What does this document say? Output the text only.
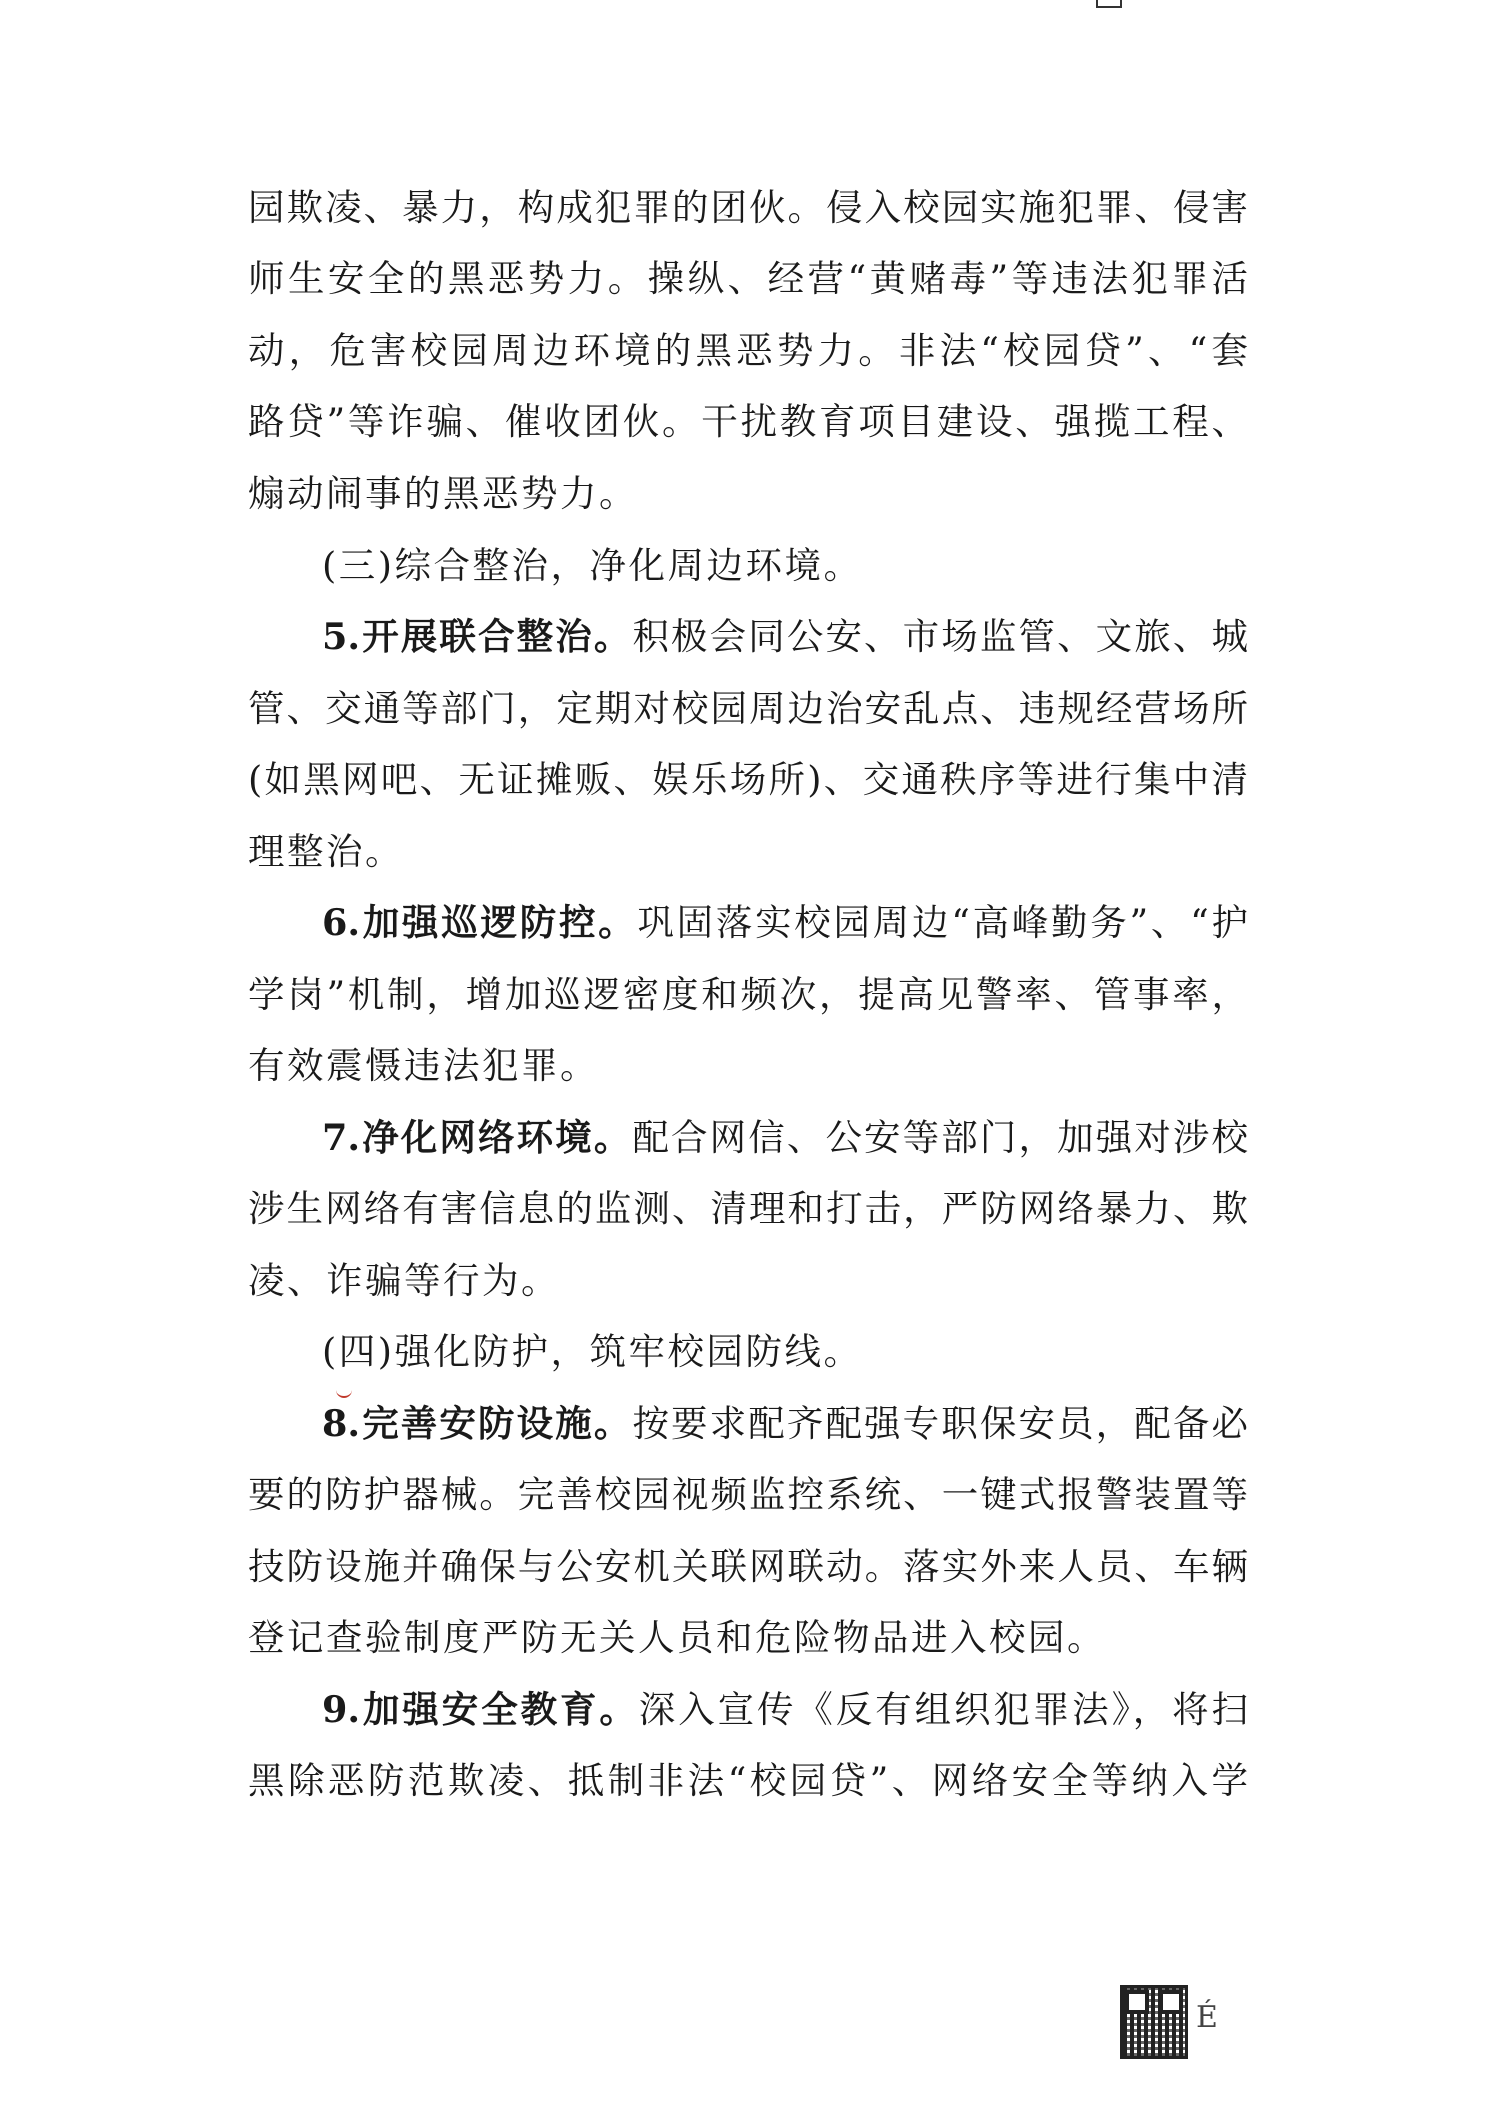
园欺凌、暴力，构成犯罪的团伙。侵入校园实施犯罪、侵害
师生安全的黑恶势力。操纵、经营“黄赌毒”等违法犯罪活
动，危害校园周边环境的黑恶势力。非法“校园贷”、“套
路贷”等诈骗、催收团伙。干扰教育项目建设、强揽工程、
煽动闹事的黑恶势力。
(三)综合整治，净化周边环境。
5.开展联合整治。积极会同公安、市场监管、文旅、城
管、交通等部门，定期对校园周边治安乱点、违规经营场所
(如黑网吧、无证摊贩、娱乐场所)、交通秩序等进行集中清
理整治。
6.加强巡逻防控。巩固落实校园周边“高峰勤务”、“护
学岗”机制，增加巡逻密度和频次，提高见警率、管事率，
有效震慑违法犯罪。
7.净化网络环境。配合网信、公安等部门，加强对涉校
涉生网络有害信息的监测、清理和打击，严防网络暴力、欺
凌、诈骗等行为。
(四)强化防护，筑牢校园防线。
8.完善安防设施。按要求配齐配强专职保安员，配备必
要的防护器械。完善校园视频监控系统、一键式报警装置等
技防设施并确保与公安机关联网联动。落实外来人员、车辆
登记查验制度严防无关人员和危险物品进入校园。
9.加强安全教育。深入宣传《反有组织犯罪法》，将扫
黑除恶防范欺凌、抵制非法“校园贷”、网络安全等纳入学
É
